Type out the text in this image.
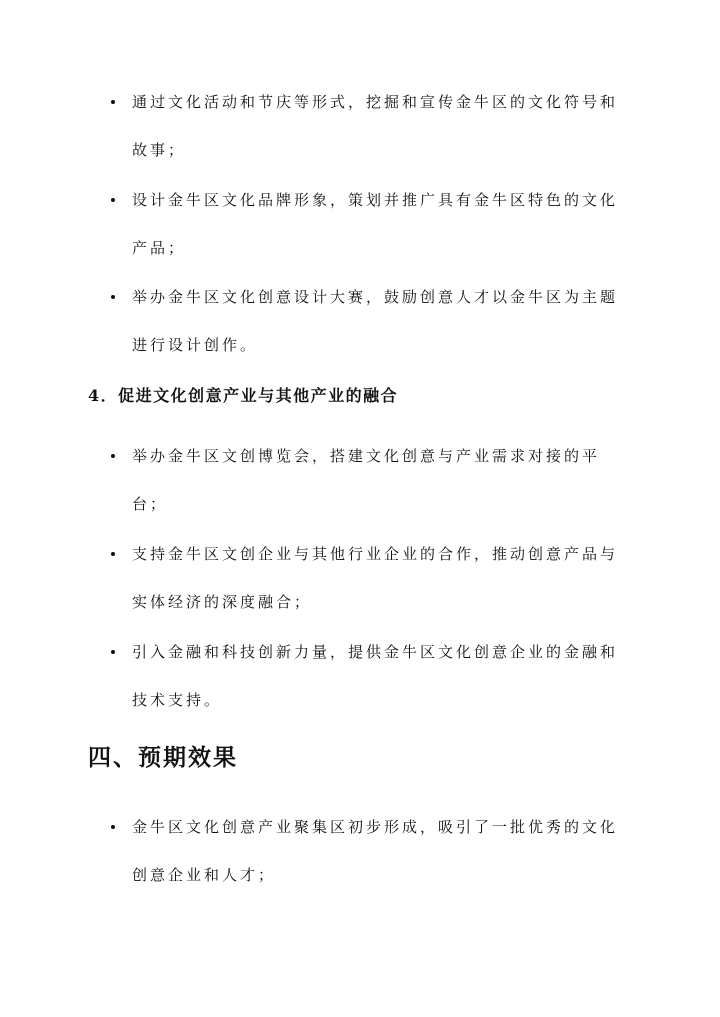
通过文化活动和节庆等形式，挖掘和宣传金牛区的文化符号和故事；
设计金牛区文化品牌形象，策划并推广具有金牛区特色的文化产品；
举办金牛区文化创意设计大赛，鼓励创意人才以金牛区为主题进行设计创作。
4．促进文化创意产业与其他产业的融合
举办金牛区文创博览会，搭建文化创意与产业需求对接的平台；
支持金牛区文创企业与其他行业企业的合作，推动创意产品与实体经济的深度融合；
引入金融和科技创新力量，提供金牛区文化创意企业的金融和技术支持。
四、预期效果
金牛区文化创意产业聚集区初步形成，吸引了一批优秀的文化创意企业和人才；
